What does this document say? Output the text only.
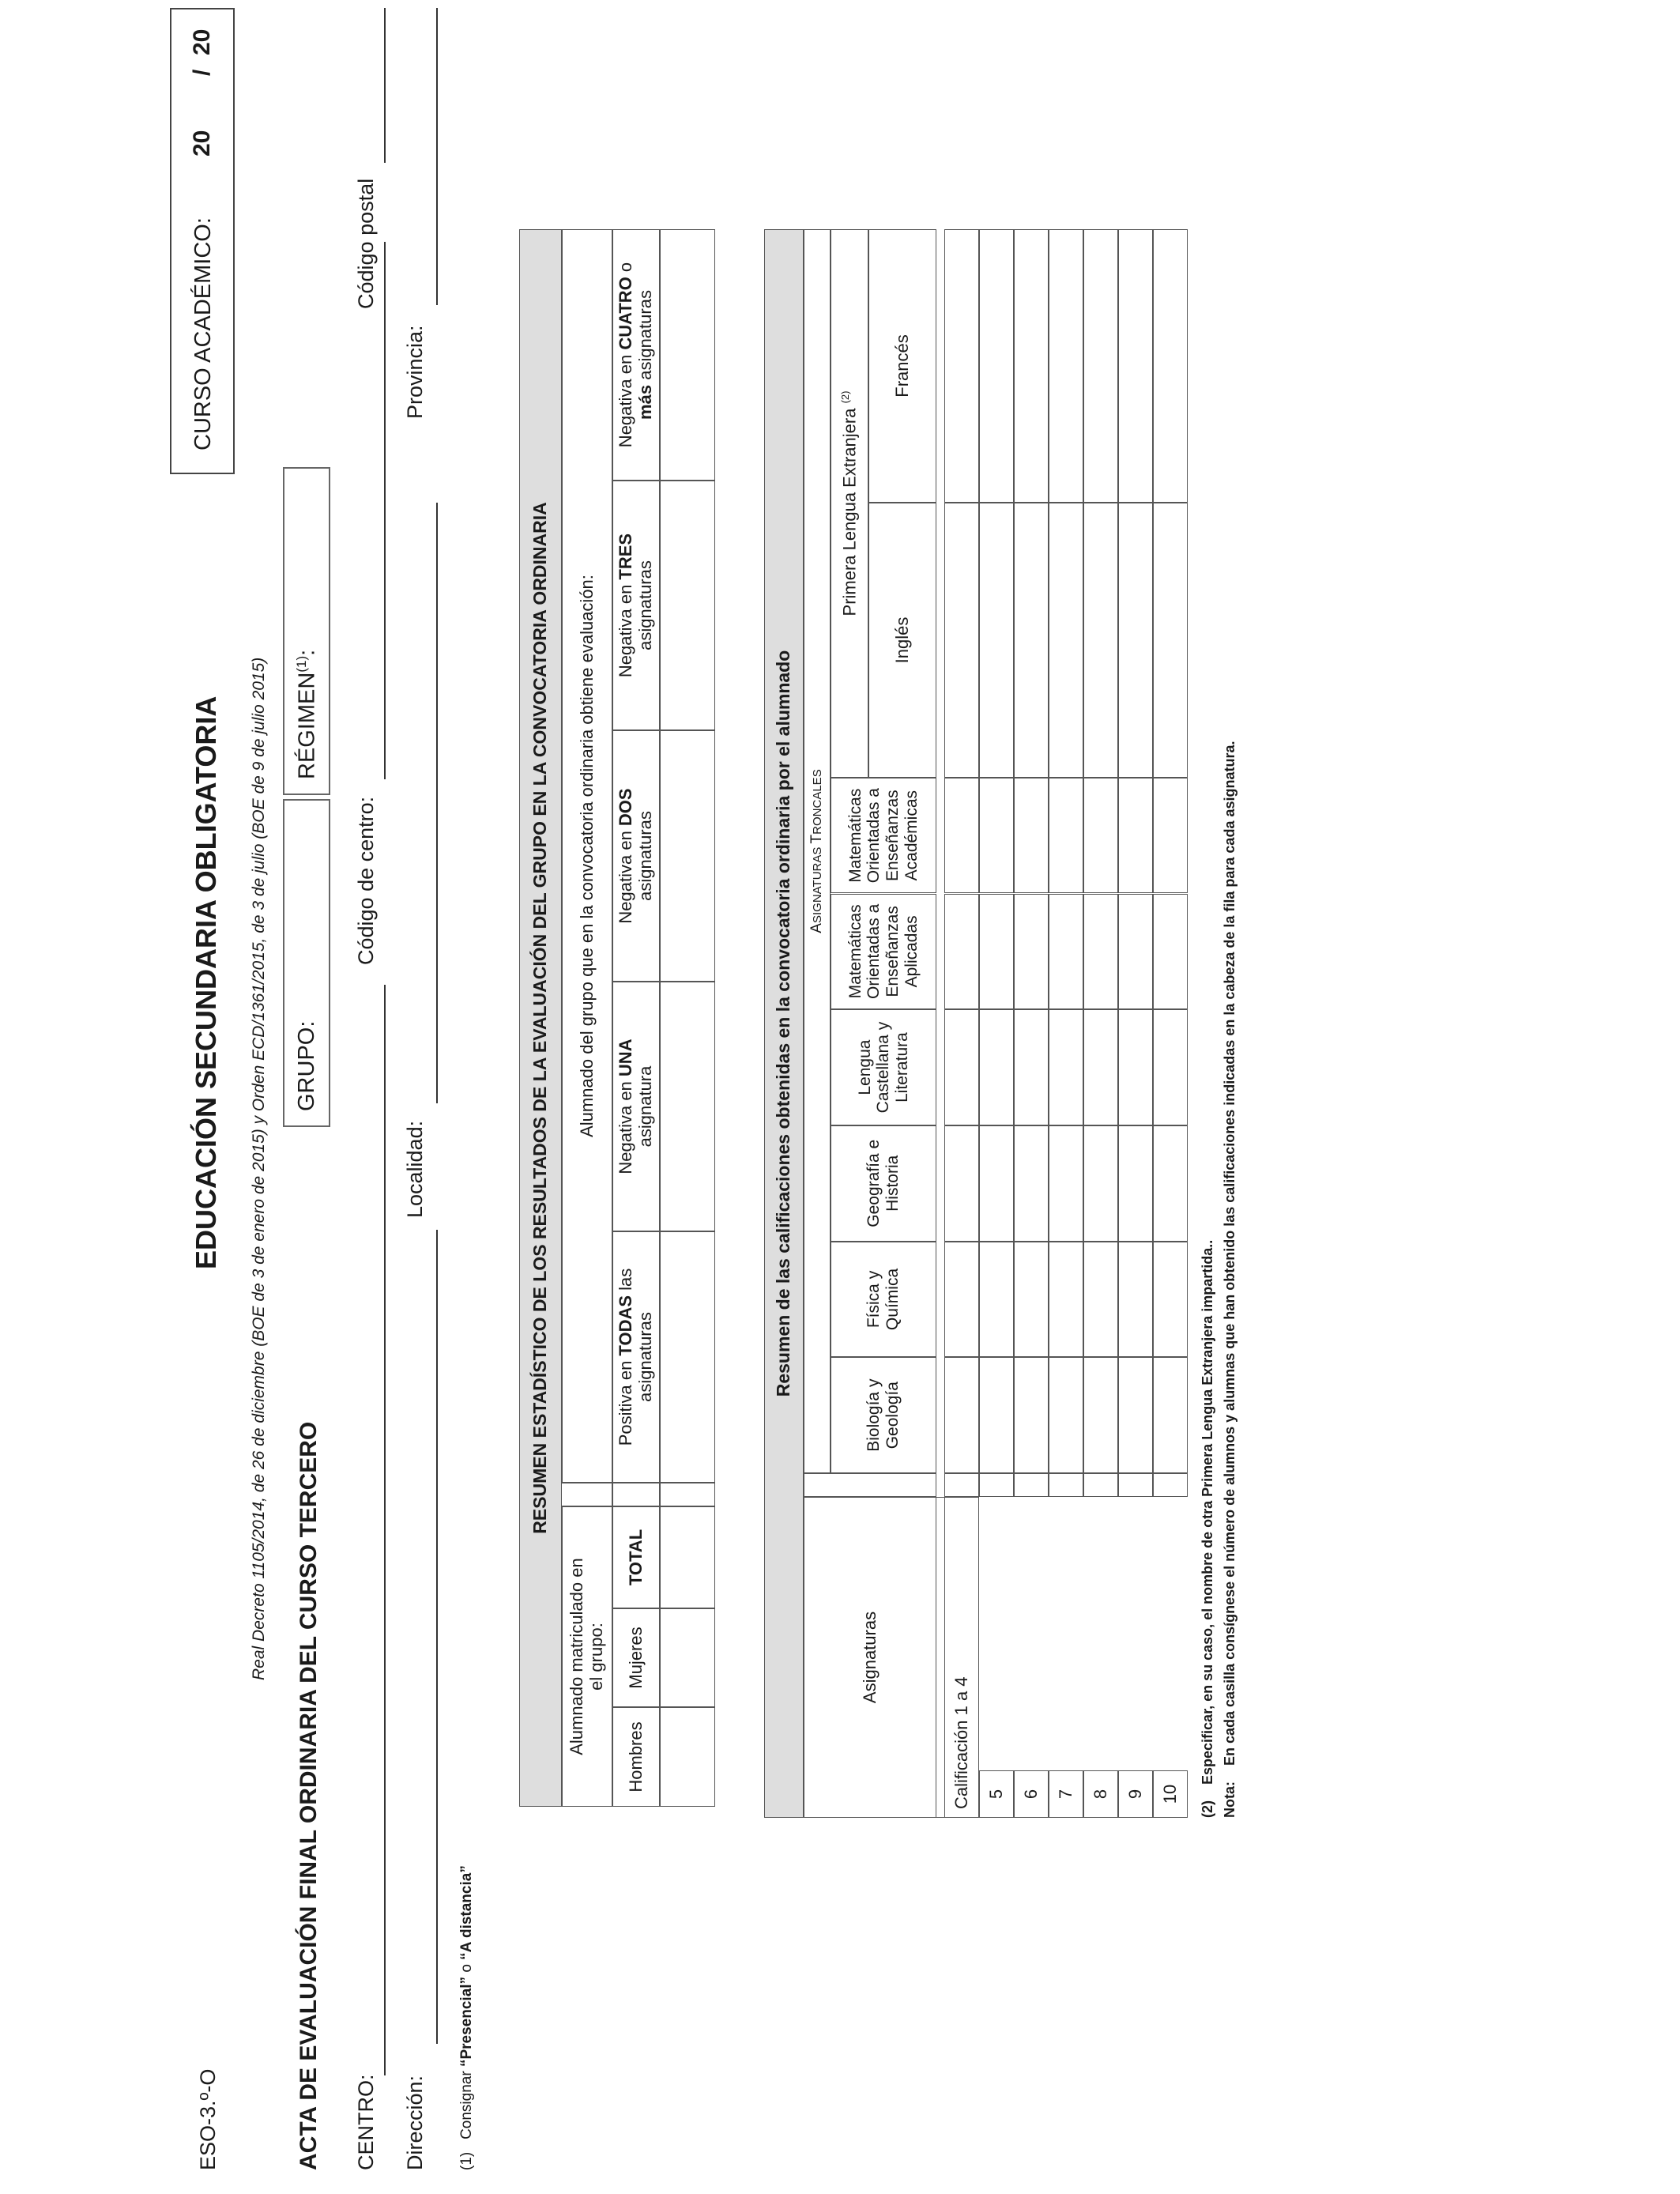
ESO-3.º-O
EDUCACIÓN SECUNDARIA OBLIGATORIA Real Decreto 1105/2014, de 26 de diciembre (BOE de 3 de enero de 2015) y Orden ECD/1361/2015, de 3 de julio (BOE de 9 de julio 2015)
CURSO ACADÉMICO:
20
/
20
ACTA DE EVALUACIÓN FINAL ORDINARIA DEL CURSO TERCERO
GRUPO:
RÉGIMEN$^{(1)}$:
CENTRO:
Código de centro:
Código postal
Dirección:
Localidad:
Provincia:
(1)   Consignar “Presencial” o “A distancia”
RESUMEN ESTADÍSTICO DE LOS RESULTADOS DE LA EVALUACIÓN DEL GRUPO EN LA CONVOCATORIA ORDINARIA
Alumnado matriculado en el grupo:
Alumnado del grupo que en la convocatoria ordinaria obtiene evaluación:
Hombres
Mujeres
TOTAL
Positiva en TODAS las asignaturas
Negativa en UNA
asignatura
Negativa en DOS
asignaturas
Negativa en TRES
asignaturas
Negativa en CUATRO o
más asignaturas
Resumen de las calificaciones obtenidas en la convocatoria ordinaria por el alumnado
Asignaturas
ASIGNATURAS TRONCALES
Biología y Geología
Física y Química
Geografía e Historia
Lengua Castellana y Literatura
Matemáticas Orientadas a Enseñanzas Aplicadas
Matemáticas Orientadas a Enseñanzas Académicas
Primera Lengua Extranjera $^{(2)}$
Inglés
Francés
Calificación 1 a 4 5 6 7 8 9 10
(2)    Especificar, en su caso, el nombre de otra Primera Lengua Extranjera impartida..
Nota:    En cada casilla consígnese el número de alumnos y alumnas que han obtenido las calificaciones indicadas en la cabeza de la fila para cada asignatura.
